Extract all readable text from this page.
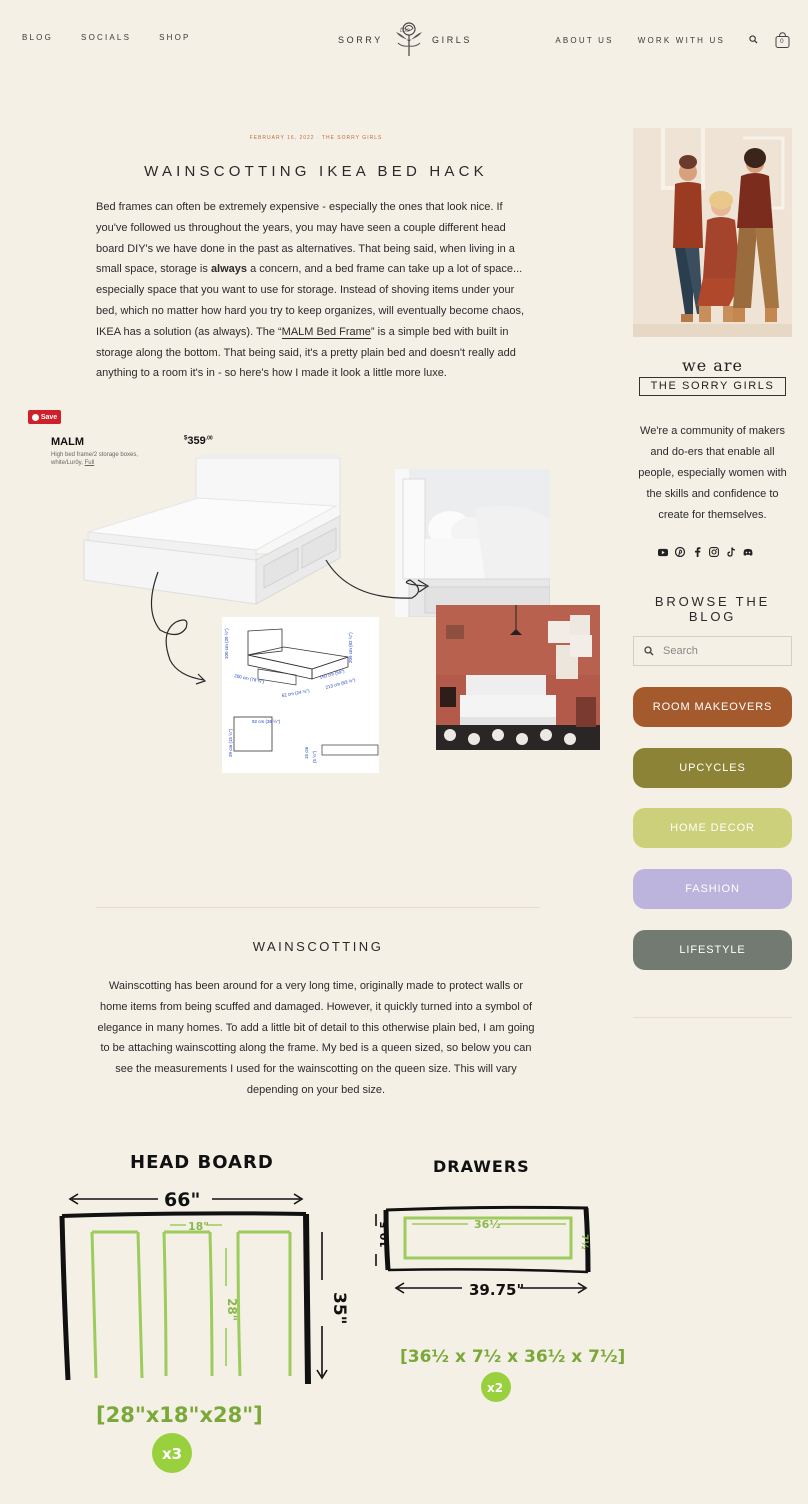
BLOG	SOCIALS	SHOP
the
SORRY	GIRLS	ABOUT US	WORK WITH US	0
FEBRUARY 16, 2022 · THE SORRY GIRLS
WAINSCOTTING IKEA BED HACK

Bed frames can often be extremely expensive - especially the ones that look nice. If you've followed us throughout the years, you may have seen a couple different head board DIY's we have done in the past as alternatives. That being said, when living in a small space, storage is always a concern, and a bed frame can take up a lot of space... especially space that you want to use for storage. Instead of shoving items under your bed, which no matter how hard you try to keep organizes, will eventually become chaos, IKEA has a solution (as always). The “MALM Bed Frame” is a simple bed with built in storage along the bottom. That being said, it's a pretty plain bed and doesn't really add anything to a room it's in - so here's how I made it look a little more luxe.

Save
MALM
High bed frame/2 storage boxes, white/Luröy, Full
$^{\$}359^{.00}$
100 cm (39 ½")
200 cm (78 ¾")
62 cm (24 ½")
150 cm (59")
213 cm (83 ½")
209 cm (82 ½")
92 cm (36 ½")
39 cm (15 ½")	15 cm (5 ½")
WAINSCOTTING

Wainscotting has been around for a very long time, originally made to protect walls or home items from being scuffed and damaged. However, it quickly turned into a symbol of elegance in many homes. To add a little bit of detail to this otherwise plain bed, I am going to be attaching wainscotting along the frame. My bed is a queen sized, so below you can see the measurements I used for the wainscotting on the queen size. This will vary depending on your bed size.

HEAD BOARD
66"
18"
28"	35"
[28"x18"x28"]
x3
DRAWERS
36½
7½
10.5
39.75"
[36½ x 7½ x 36½ x 7½]
x2
we are
THE SORRY GIRLS

We're a community of makers and do-ers that enable all people, especially women with the skills and confidence to create for themselves.

BROWSE THE BLOG
Search
ROOM MAKEOVERS
UPCYCLES
HOME DECOR
FASHION
LIFESTYLE
